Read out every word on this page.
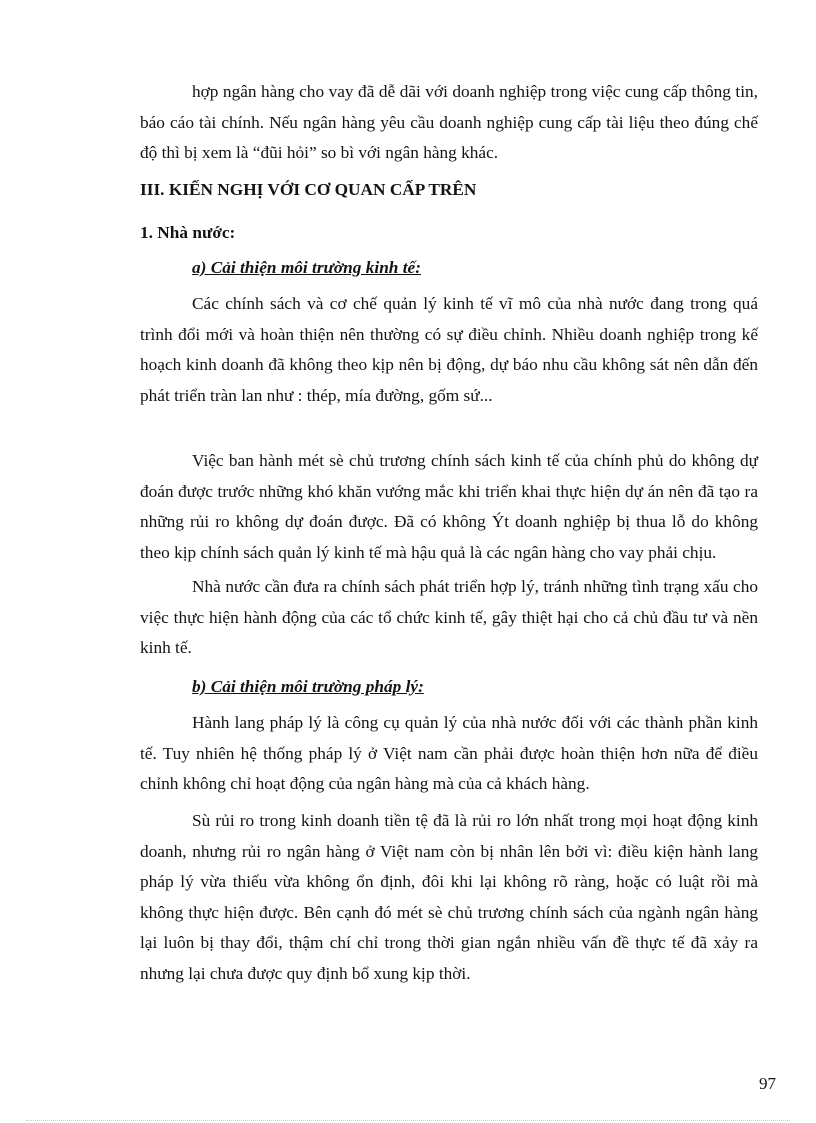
hợp ngân hàng cho vay đã dễ dãi với doanh nghiệp trong việc cung cấp thông tin, báo cáo tài chính. Nếu ngân hàng yêu cầu doanh nghiệp cung cấp tài liệu theo đúng chế độ thì bị xem là “đũi hỏi” so bì với ngân hàng khác.
III. KIẾN NGHỊ VỚI CƠ QUAN CẤP TRÊN
1. Nhà nước:
a) Cải thiện môi trường kinh tế:
Các chính sách và cơ chế quản lý kinh tế vĩ mô của nhà nước đang trong quá trình đổi mới và hoàn thiện nên thường có sự điều chỉnh. Nhiều doanh nghiệp trong kế hoạch kinh doanh đã không theo kịp nên bị động, dự báo nhu cầu không sát nên dẫn đến phát triển tràn lan như : thép, mía đường, gốm sứ...
Việc ban hành mét sè chủ trương chính sách kinh tế của chính phủ do không dự đoán được trước những khó khăn vướng mắc khi triển khai thực hiện dự án nên đã tạo ra những rủi ro không dự đoán được. Đã có không Ýt doanh nghiệp bị thua lỗ do không theo kịp chính sách quản lý kinh tế mà hậu quả là các ngân hàng cho vay phải chịu.
Nhà nước cần đưa ra chính sách phát triển hợp lý, tránh những tình trạng xấu cho việc thực hiện hành động của các tổ chức kinh tế, gây thiệt hại cho cả chủ đầu tư và nền kinh tế.
b) Cải thiện môi trường pháp lý:
Hành lang pháp lý là công cụ quản lý của nhà nước đối với các thành phần kinh tế. Tuy nhiên hệ thống pháp lý ở Việt nam cần phải được hoàn thiện hơn nữa để điều chỉnh không chỉ hoạt động của ngân hàng mà của cả khách hàng.
Sù rủi ro trong kinh doanh tiền tệ đã là rủi ro lớn nhất trong mọi hoạt động kinh doanh, nhưng rủi ro ngân hàng ở Việt nam còn bị nhân lên bởi vì: điều kiện hành lang pháp lý vừa thiếu vừa không ổn định, đôi khi lại không rõ ràng, hoặc có luật rồi mà không thực hiện được. Bên cạnh đó mét sè chủ trương chính sách của ngành ngân hàng lại luôn bị thay đổi, thậm chí chỉ trong thời gian ngắn nhiều vấn đề thực tế đã xảy ra nhưng lại chưa được quy định bổ xung kịp thời.
97
